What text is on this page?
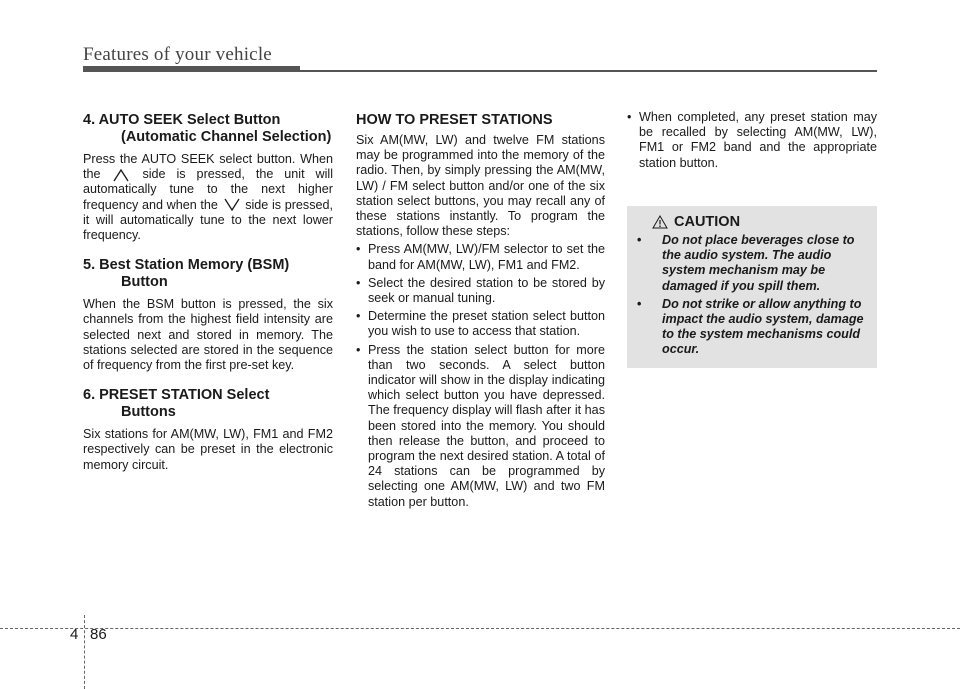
Features of your vehicle
4. AUTO SEEK Select Button
(Automatic Channel Selection)

Press the AUTO SEEK select button. When the	side is pressed, the unit will automatically tune to the next higher frequency and when the side is pressed, it will automatically tune to the next lower frequency.

5. Best Station Memory (BSM)
Button

When the BSM button is pressed, the six channels from the highest field intensity are selected next and stored in memory. The stations selected are stored in the sequence of frequency from the first pre-set key.

6. PRESET STATION Select
Buttons

Six stations for AM(MW, LW), FM1 and FM2 respectively can be preset in the electronic memory circuit.

HOW TO PRESET STATIONS

Six AM(MW, LW) and twelve FM stations may be programmed into the memory of the radio. Then, by simply pressing the AM(MW, LW) / FM select button and/or one of the six station select buttons, you may recall any of these stations instantly. To program the stations, follow these steps:

• Press AM(MW, LW)/FM selector to set the band for AM(MW, LW), FM1 and FM2.
• Select the desired station to be stored by seek or manual tuning.
• Determine the preset station select button you wish to use to access that station.
• Press the station select button for more than two seconds. A select button indicator will show in the display indicating which select button you have depressed. The frequency display will flash after it has been stored into the memory. You should then release the button, and proceed to program the next desired station. A total of 24 stations can be programmed by selecting one AM(MW, LW) and two FM station per button.
• When completed, any preset station may be recalled by selecting AM(MW, LW), FM1 or FM2 band and the appropriate station button.
CAUTION
• Do not place beverages close to the audio system. The audio system mechanism may be damaged if you spill them.
• Do not strike or allow anything to impact the audio system, damage to the system mechanisms could occur.
4 86
